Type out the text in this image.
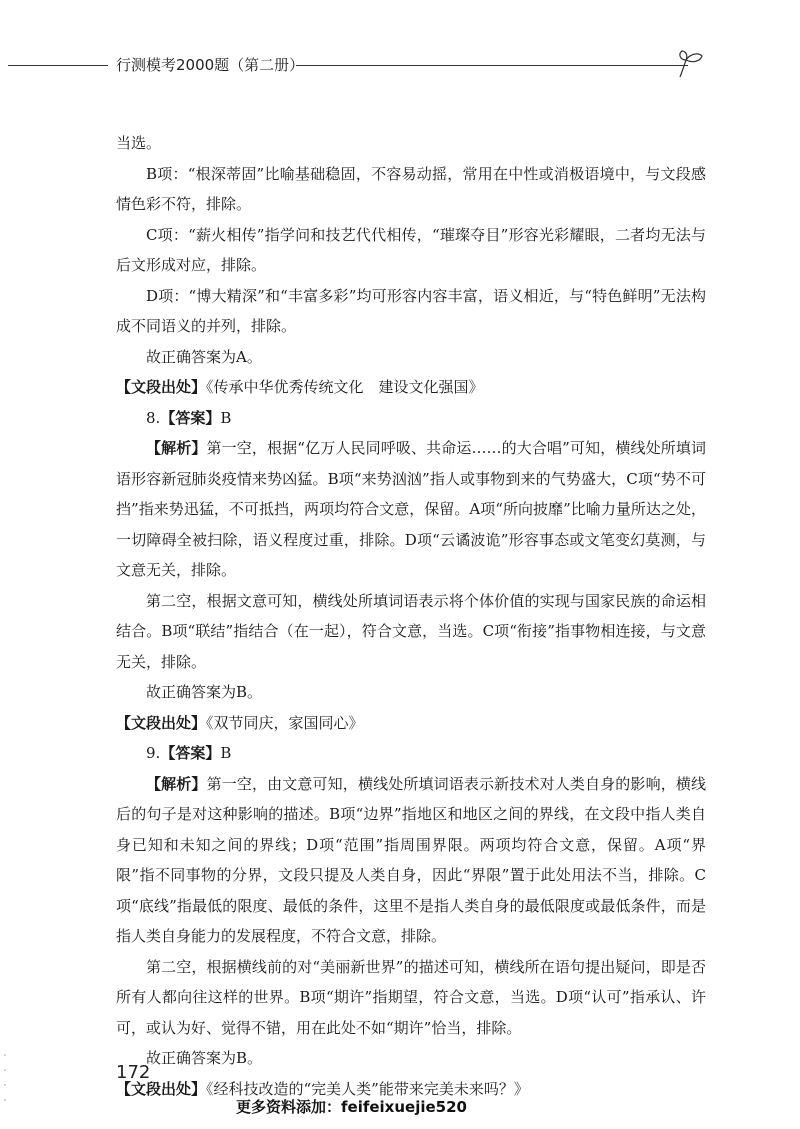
行测模考2000题（第二册）

当选。

B项：“根深蒂固”比喻基础稳固，不容易动摇，常用在中性或消极语境中，与文段感情色彩不符，排除。

C项：“薪火相传”指学问和技艺代代相传，“璀璨夺目”形容光彩耀眼，二者均无法与后文形成对应，排除。

D项：“博大精深”和“丰富多彩”均可形容内容丰富，语义相近，与“特色鲜明”无法构成不同语义的并列，排除。

故正确答案为A。

【文段出处】《传承中华优秀传统文化　建设文化强国》

8.【答案】B

【解析】第一空，根据“亿万人民同呼吸、共命运……的大合唱”可知，横线处所填词语形容新冠肺炎疫情来势凶猛。B项“来势汹汹”指人或事物到来的气势盛大，C项“势不可挡”指来势迅猛，不可抵挡，两项均符合文意，保留。A项“所向披靡”比喻力量所达之处，一切障碍全被扫除，语义程度过重，排除。D项“云谲波诡”形容事态或文笔变幻莫测，与文意无关，排除。

第二空，根据文意可知，横线处所填词语表示将个体价值的实现与国家民族的命运相结合。B项“联结”指结合（在一起），符合文意，当选。C项“衔接”指事物相连接，与文意无关，排除。

故正确答案为B。

【文段出处】《双节同庆，家国同心》

9.【答案】B

【解析】第一空，由文意可知，横线处所填词语表示新技术对人类自身的影响，横线后的句子是对这种影响的描述。B项“边界”指地区和地区之间的界线，在文段中指人类自身已知和未知之间的界线；D项“范围”指周围界限。两项均符合文意，保留。A项“界限”指不同事物的分界，文段只提及人类自身，因此“界限”置于此处用法不当，排除。C项“底线”指最低的限度、最低的条件，这里不是指人类自身的最低限度或最低条件，而是指人类自身能力的发展程度，不符合文意，排除。

第二空，根据横线前的对“美丽新世界”的描述可知，横线所在语句提出疑问，即是否所有人都向往这样的世界。B项“期许”指期望，符合文意，当选。D项“认可”指承认、许可，或认为好、觉得不错，用在此处不如“期许”恰当，排除。

故正确答案为B。

【文段出处】《经科技改造的“完美人类”能带来完美未来吗？》

172
更多资料添加：feifeixuejie520
